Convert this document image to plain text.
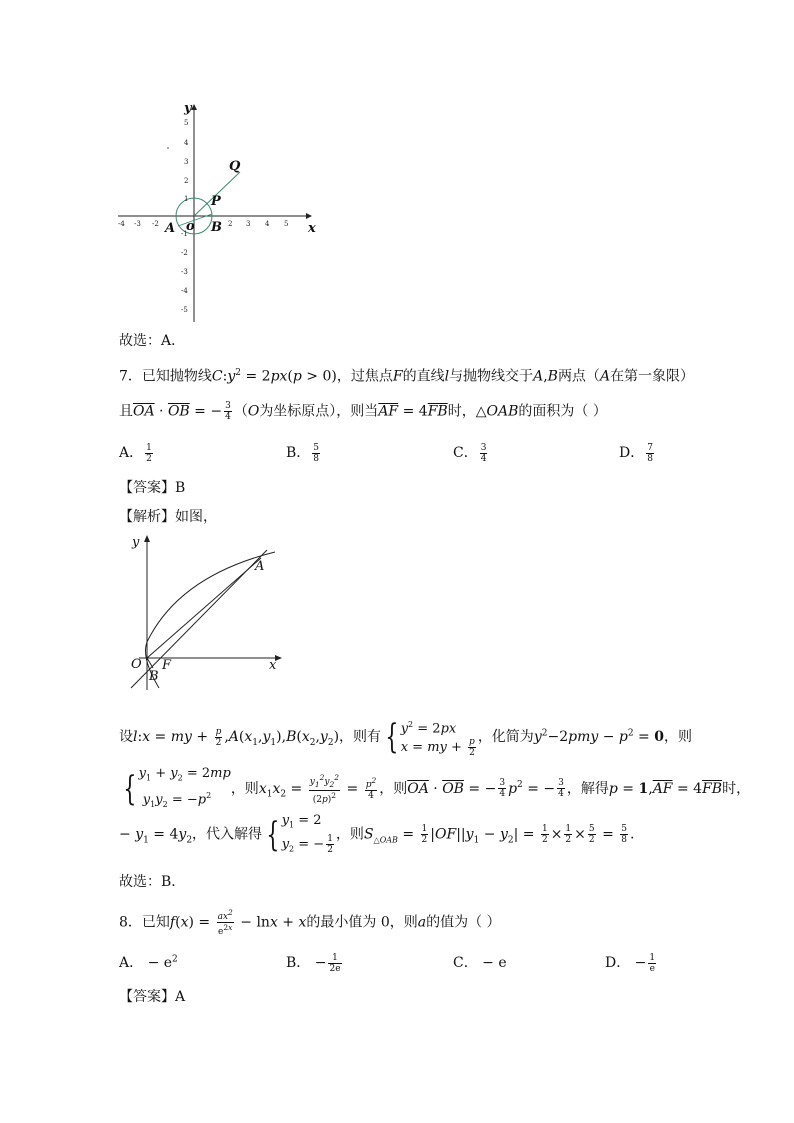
-4 -3 -2	2 3 4 5
5
4
3
2
1
-1
-2
-3
-4
-5
Q
P
A o B	x
y
故选：A．
7．已知抛物线$C:y^2 = 2px(p > 0)$，过焦点F的直线l与抛物线交于A,B两点（A在第一象限）
且$\overline{OA} \cdot \overline{OB}$ = − $\frac{3}{4} (O$为坐标原点），则当$\overline{AF} = 4\overline{FB}$时，△OAB的面积为（ ）
A． $\frac{1}{2}$	B． $\frac{5}{8}$	C． $\frac{3}{4}$	D． $\frac{7}{8}$
【答案】B
【解析】如图，
y
x
O F
A
B
设l:x = my + $\frac{p}{2} ,A(x_1,y_1),B(x_2,y_2)$，则有 { $y^2 = 2px$
x = my + $\frac{p}{2}$
，化简为$y^2-2pmy - p^2 = 0$，则
{ $y_1 + y_2 = 2mp$
$y_1y_2 = -p^2$ ，则$x_1x_2 = \frac{y_1^2y_2^2}{(2p)^2} = \frac{p^2}{4}$ ，则$\overline{OA} \cdot \overline{OB}$ = − $\frac{3}{4} p^2$ = − $\frac{3}{4}$ ，解得$p = 1,\overline{AF} = 4\overline{FB}$时，
− $y_1 = 4y_2$，代入解得 { $y_1 = 2$
$y_2$ = − $\frac{1}{2}$ ，则$S_{\triangle OAB} = \frac{1}{2} |OF||y_1 - y_2| = \frac{1}{2} \times \frac{1}{2} \times \frac{5}{2} = \frac{5}{8}$ .
故选：B．
8．已知$f(x) = \frac{ax^2}{e^{2x}} - \ln x + x$的最小值为 0，则a的值为（ ）
A． − $e^2$	B． − $\frac{1}{2e}$	C． − e	D． − $\frac{1}{e}$
【答案】A
